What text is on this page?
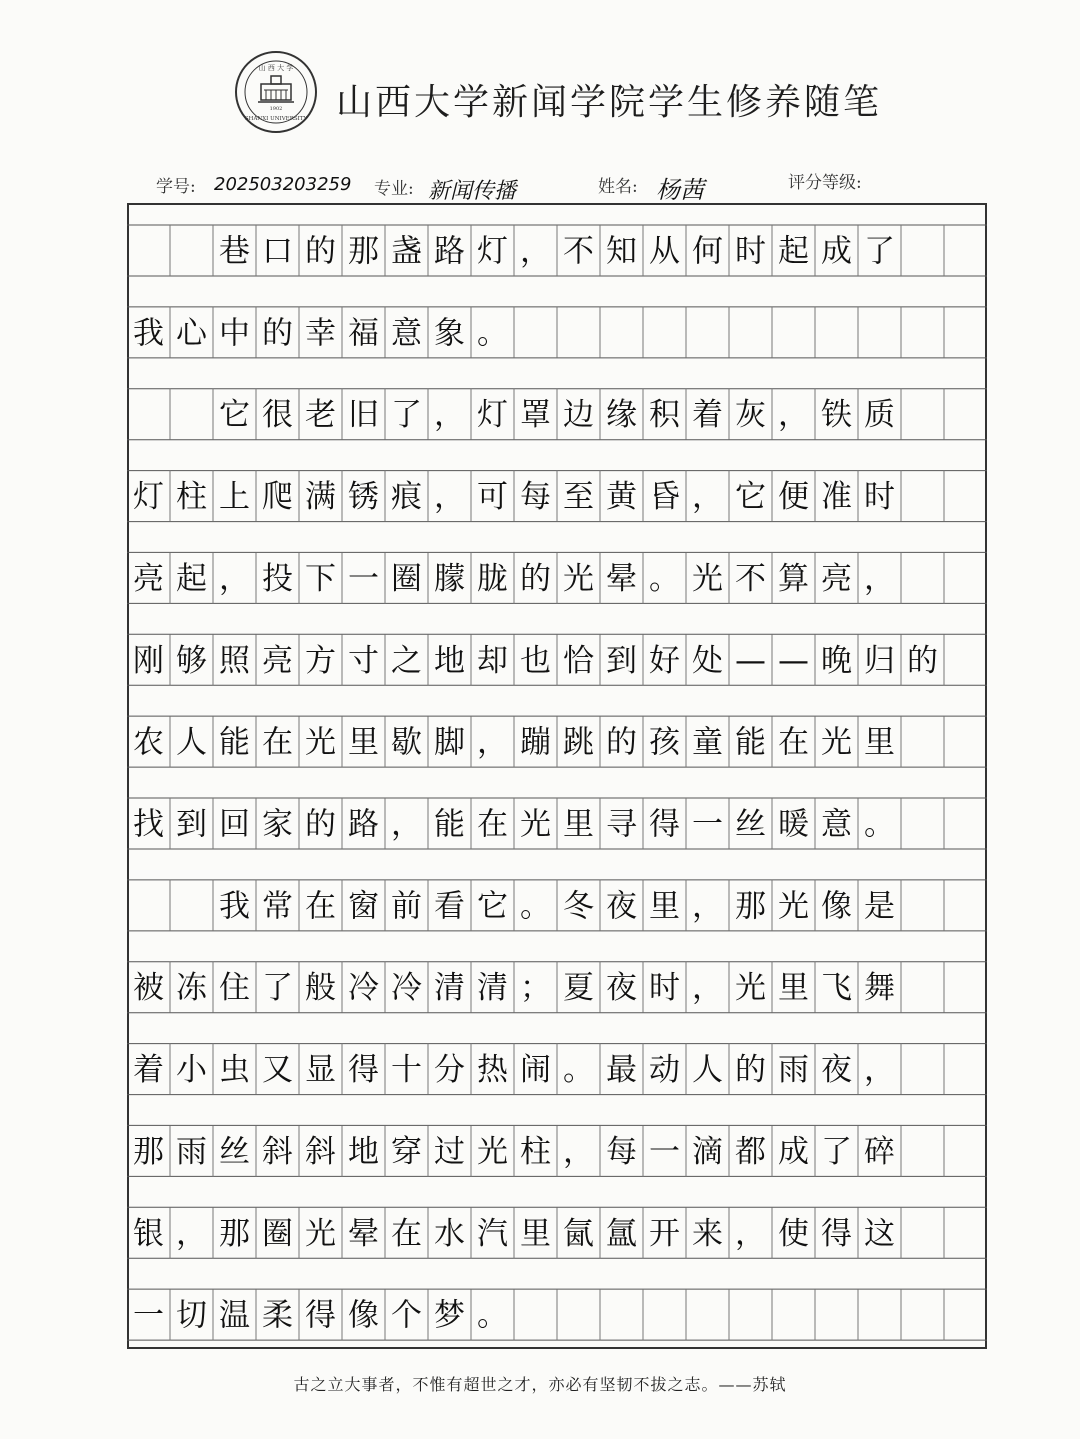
山 西 大 学
1902
SHANXI UNIVERSITY 山西大学新闻学院学生修养随笔
学号: 2025032032⁠59 专业: 新闻传播	姓名: 杨茜	评分等级:
巷 口 的 那 盏 路 灯 ， 不 知 从 何 时 起 成 了
我 心 中 的 幸 福 意 象 。
它 很 老 旧 了 ， 灯 罩 边 缘 积 着 灰 ， 铁 质
灯 柱 上 爬 满 锈 痕 ， 可 每 至 黄 昏 ， 它 便 准 时
亮 起 ， 投 下 一 圈 朦 胧 的 光 晕 。 光 不 算 亮 ，
刚 够 照 亮 方 寸 之 地 却 也 恰 到 好 处 — — 晚 归 的
农 人 能 在 光 里 歇 脚 ， 蹦 跳 的 孩 童 能 在 光 里
找 到 回 家 的 路 ， 能 在 光 里 寻 得 一 丝 暖 意 。
我 常 在 窗 前 看 它 。 冬 夜 里 ， 那 光 像 是
被 冻 住 了 般 冷 冷 清 清 ； 夏 夜 时 ， 光 里 飞 舞
着 小 虫 又 显 得 十 分 热 闹 。 最 动 人 的 雨 夜 ，
那 雨 丝 斜 斜 地 穿 过 光 柱 ， 每 一 滴 都 成 了 碎
银 ， 那 圈 光 晕 在 水 汽 里 氤 氲 开 来 ， 使 得 这
一 切 温 柔 得 像 个 梦 。
古之立大事者，不惟有超世之才，亦必有坚韧不拔之志。——苏轼
